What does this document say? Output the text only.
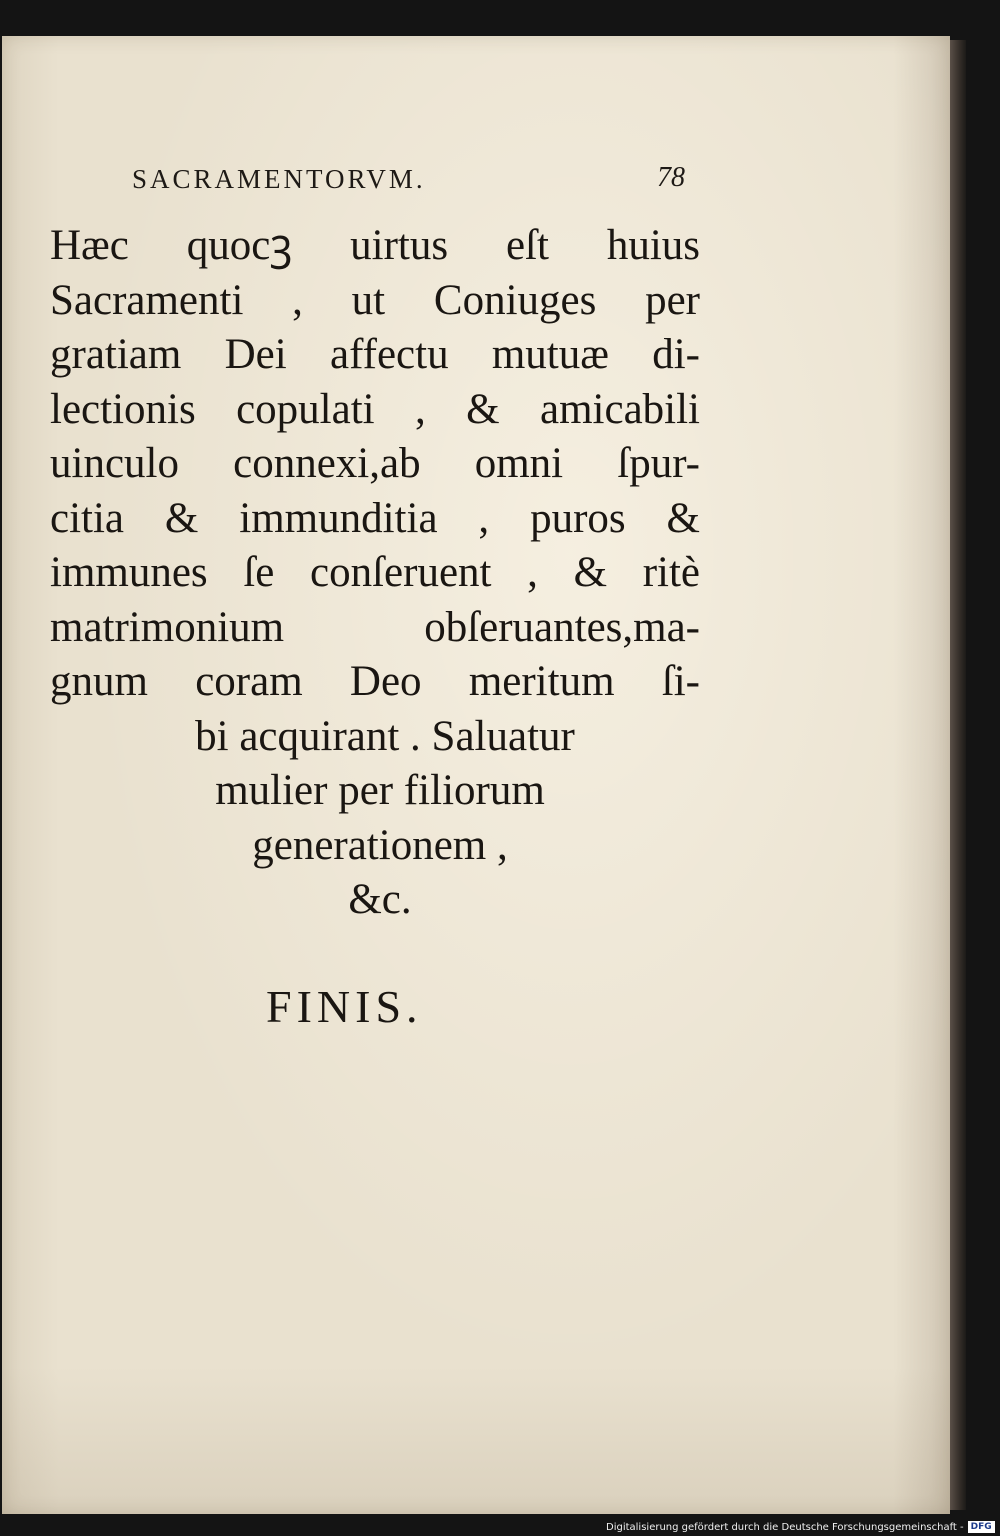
SACRAMENTORVM.	78
Hæc quocꝫ uirtus eſt huius
Sacramenti , ut Coniuges per
gratiam Dei affectu mutuæ di-
lectionis copulati , & amicabili
uinculo connexi,ab omni ſpur-
citia & immunditia , puros &
immunes ſe conſeruent , & ritè
matrimonium obſeruantes,ma-
gnum coram Deo meritum ſi-
bi acquirant . Saluatur
mulier per filiorum
generationem ,
&c.
FINIS.
Digitalisierung gefördert durch die Deutsche Forschungsgemeinschaft - DFG
